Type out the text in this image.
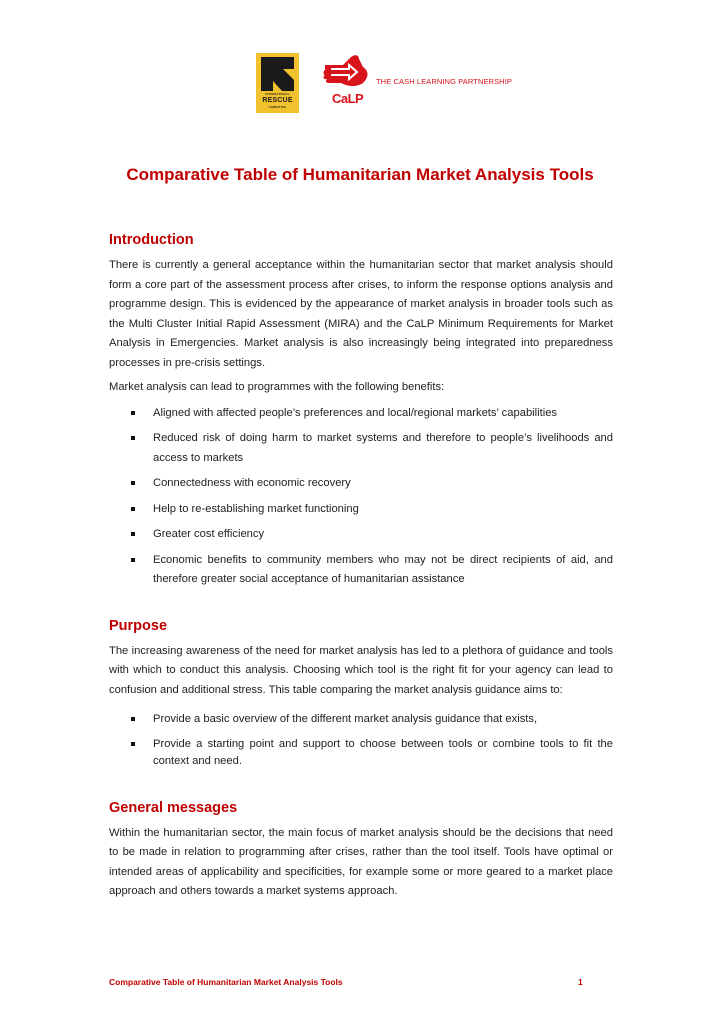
INTERNATIONAL
RESCUE
COMMITTEE
CaLP
THE CASH LEARNING PARTNERSHIP
Comparative Table of Humanitarian Market Analysis Tools
Introduction

There is currently a general acceptance within the humanitarian sector that market analysis should form a core part of the assessment process after crises, to inform the response options analysis and programme design. This is evidenced by the appearance of market analysis in broader tools such as the Multi Cluster Initial Rapid Assessment (MIRA) and the CaLP Minimum Requirements for Market Analysis in Emergencies. Market analysis is also increasingly being integrated into preparedness processes in pre-crisis settings.

Market analysis can lead to programmes with the following benefits:

Aligned with affected people’s preferences and local/regional markets’ capabilities
Reduced risk of doing harm to market systems and therefore to people’s livelihoods and access to markets
Connectedness with economic recovery
Help to re-establishing market functioning
Greater cost efficiency
Economic benefits to community members who may not be direct recipients of aid, and therefore greater social acceptance of humanitarian assistance
Purpose

The increasing awareness of the need for market analysis has led to a plethora of guidance and tools with which to conduct this analysis. Choosing which tool is the right fit for your agency can lead to confusion and additional stress. This table comparing the market analysis guidance aims to:

Provide a basic overview of the different market analysis guidance that exists,
Provide a starting point and support to choose between tools or combine tools to fit the context and need.
General messages

Within the humanitarian sector, the main focus of market analysis should be the decisions that need to be made in relation to programming after crises, rather than the tool itself. Tools have optimal or intended areas of applicability and specificities, for example some or more geared to a market place approach and others towards a market systems approach.

Comparative Table of Humanitarian Market Analysis Tools	1
